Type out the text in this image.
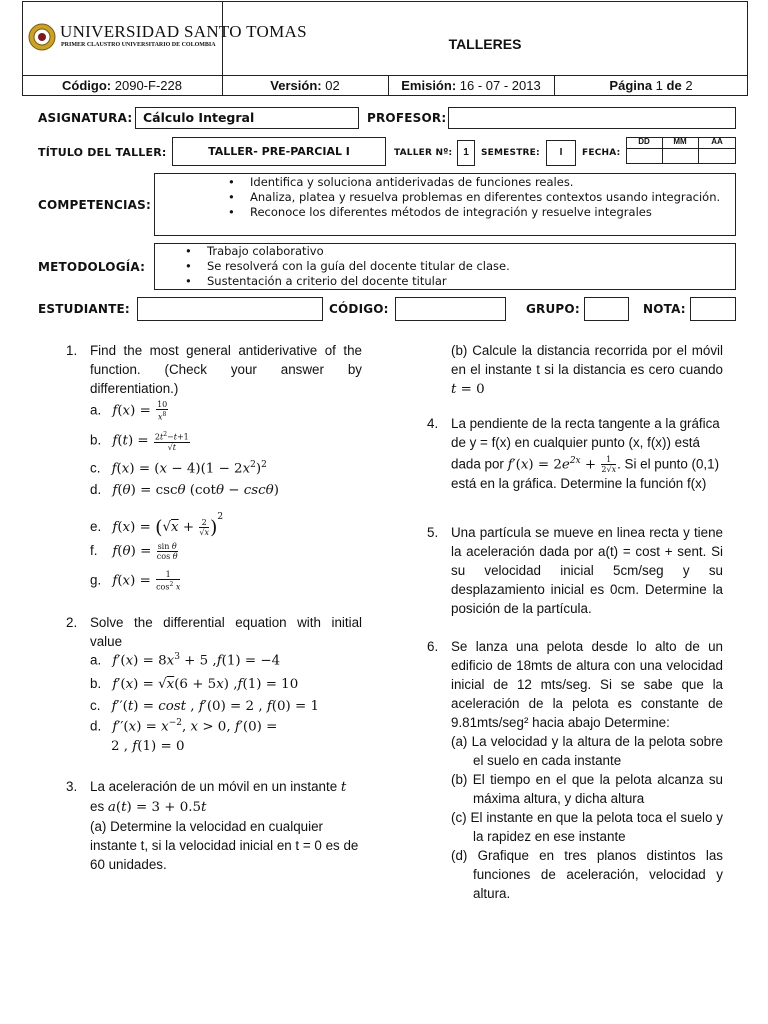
UNIVERSIDAD SANTO TOMAS
PRIMER CLAUSTRO UNIVERSITARIO DE COLOMBIA	TALLERES
Código: 2090-F-228	Versión: 02	Emisión: 16 - 07 - 2013	Página 1 de 2
ASIGNATURA: Cálculo Integral	PROFESOR:
TÍTULO DEL TALLER:	TALLER- PRE-PARCIAL I	TALLER Nº:	1	SEMESTRE:	I	FECHA:
DD	MM	AA
COMPETENCIAS:
• Identifica y soluciona antiderivadas de funciones reales.
• Analiza, platea y resuelva problemas en diferentes contextos usando integración.
• Reconoce los diferentes métodos de integración y resuelve integrales
METODOLOGÍA:
• Trabajo colaborativo
• Se resolverá con la guía del docente titular de clase.
• Sustentación a criterio del docente titular
ESTUDIANTE:	CÓDIGO:	GRUPO:	NOTA:
1. Find the most general antiderivative of the function. (Check your answer by differentiation.)
a.   $f(x) = \frac{10}{x^8}$
b.   $f(t) = \frac{2t^2-t+1}{√t}$
c.   $f(x) = (x - 4)(1 - 2x^2)^2$
d.   f(θ) = cscθ (cotθ − cscθ)
e.   $f(x) = (√x + \frac{2}{√x} )^2$
f.    $f(\theta) = \frac{\text{sin θ}}{\text{cos θ}}$
g.   $f(x) = \frac{1}{\cos^2 x}$
2. Solve the differential equation with initial value
a.   $f'(x) = 8x^3 + 5$ ,f(1) = −4
b.   f′(x) = √x(6 + 5x) ,f(1) = 10
c.   f′′(t) = cost , f′(0) = 2 , f(0) = 1
d.   $f''(x) = x^{-2}$, x > 0, f′(0) =
2 , f(1) = 0
3. La aceleración de un móvil en un instante t
es a(t) = 3 + 0.5t
(a) Determine la velocidad en cualquier instante t, si la velocidad inicial en t = 0 es de 60 unidades.
(b) Calcule la distancia recorrida por el móvil en el instante t si la distancia es cero cuando t = 0
4. La pendiente de la recta tangente a la gráfica de y = f(x) en cualquier punto (x, f(x)) está dada por $f'(x) = 2e^{2x} + \frac{1}{2√x}$ . Si el punto (0,1) está en la gráfica. Determine la función f(x)
5. Una partícula se mueve en linea recta y tiene la aceleración dada por a(t) = cost + sent. Si su velocidad inicial 5cm/seg y su desplazamiento inicial es 0cm. Determine la posición de la partícula.
6. Se lanza una pelota desde lo alto de un edificio de 18mts de altura con una velocidad inicial de 12 mts/seg. Si se sabe que la aceleración de la pelota es constante de 9.81mts/seg² hacia abajo Determine:
(a) La velocidad y la altura de la pelota sobre el suelo en cada instante
(b) El tiempo en el que la pelota alcanza su máxima altura, y dicha altura
(c) El instante en que la pelota toca el suelo y la rapidez en ese instante
(d) Grafique en tres planos distintos las funciones de aceleración, velocidad y altura.
